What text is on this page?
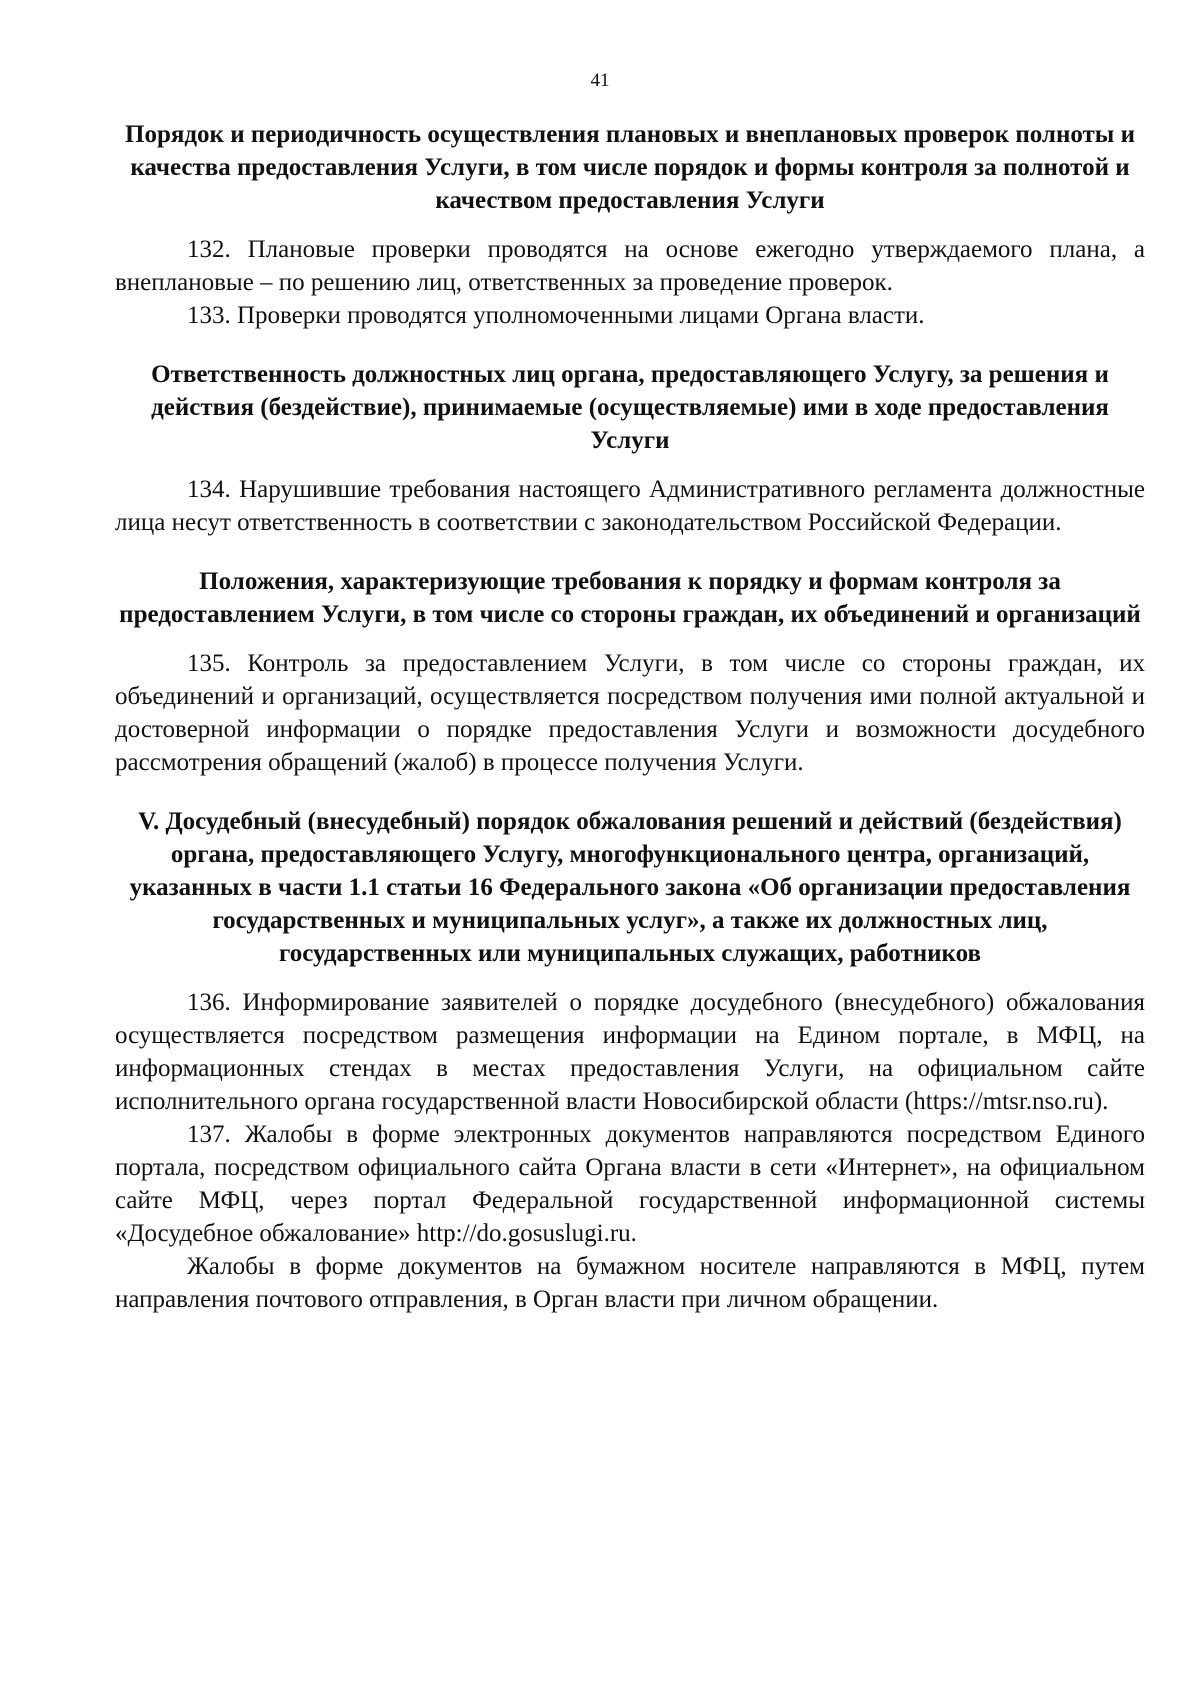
41

Порядок и периодичность осуществления плановых и внеплановых проверок полноты и качества предоставления Услуги, в том числе порядок и формы контроля за полнотой и качеством предоставления Услуги

132. Плановые проверки проводятся на основе ежегодно утверждаемого плана, а внеплановые – по решению лиц, ответственных за проведение проверок.

133. Проверки проводятся уполномоченными лицами Органа власти.

Ответственность должностных лиц органа, предоставляющего Услугу, за решения и действия (бездействие), принимаемые (осуществляемые) ими в ходе предоставления Услуги

134. Нарушившие требования настоящего Административного регламента должностные лица несут ответственность в соответствии с законодательством Российской Федерации.

Положения, характеризующие требования к порядку и формам контроля за предоставлением Услуги, в том числе со стороны граждан, их объединений и организаций

135. Контроль за предоставлением Услуги, в том числе со стороны граждан, их объединений и организаций, осуществляется посредством получения ими полной актуальной и достоверной информации о порядке предоставления Услуги и возможности досудебного рассмотрения обращений (жалоб) в процессе получения Услуги.

V. Досудебный (внесудебный) порядок обжалования решений и действий (бездействия) органа, предоставляющего Услугу, многофункционального центра, организаций, указанных в части 1.1 статьи 16 Федерального закона «Об организации предоставления государственных и муниципальных услуг», а также их должностных лиц, государственных или муниципальных служащих, работников

136. Информирование заявителей о порядке досудебного (внесудебного) обжалования осуществляется посредством размещения информации на Едином портале, в МФЦ, на информационных стендах в местах предоставления Услуги, на официальном сайте исполнительного органа государственной власти Новосибирской области (https://mtsr.nso.ru).

137. Жалобы в форме электронных документов направляются посредством Единого портала, посредством официального сайта Органа власти в сети «Интернет», на официальном сайте МФЦ, через портал Федеральной государственной информационной системы «Досудебное обжалование» http://do.gosuslugi.ru.

Жалобы в форме документов на бумажном носителе направляются в МФЦ, путем направления почтового отправления, в Орган власти при личном обращении.
